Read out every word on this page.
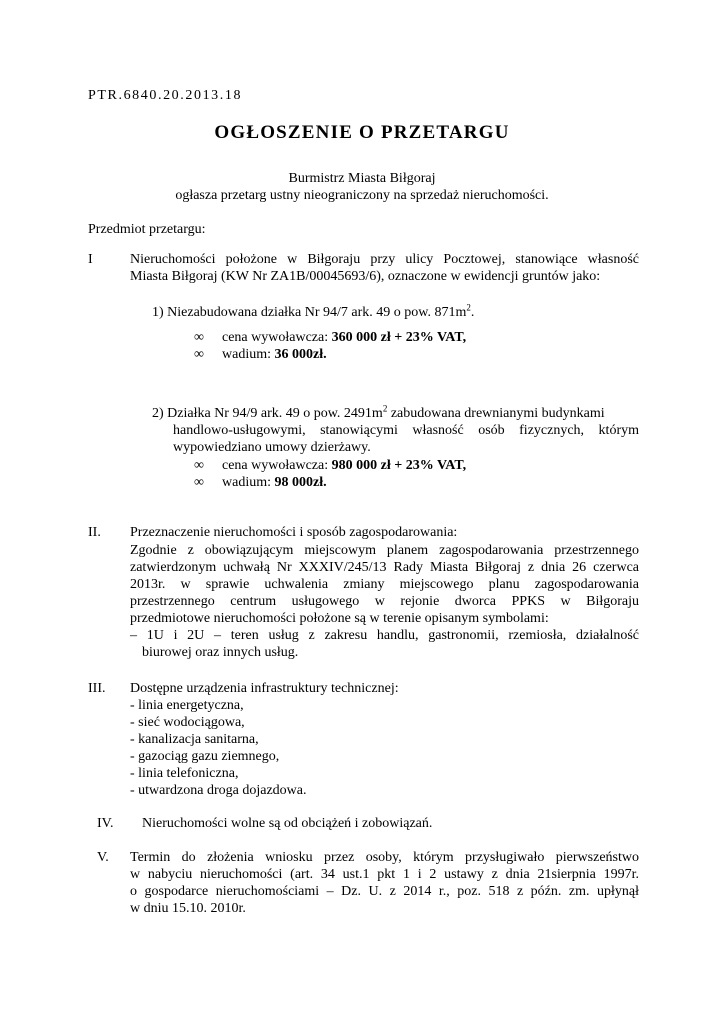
PTR.6840.20.2013.18
OGŁOSZENIE O PRZETARGU
Burmistrz Miasta Biłgoraj
ogłasza przetarg ustny nieograniczony na sprzedaż nieruchomości.
Przedmiot przetargu:
I	Nieruchomości położone w Biłgoraju przy ulicy Pocztowej, stanowiące własność
Miasta Biłgoraj (KW Nr ZA1B/00045693/6), oznaczone w ewidencji gruntów jako:
1) Niezabudowana działka Nr 94/7 ark. 49 o pow. $871m^2$.
∞ cena wywoławcza: 360 000 zł + 23% VAT,
∞ wadium: 36 000zł.
2) Działka Nr 94/9 ark. 49 o pow. $2491m^2$ zabudowana drewnianymi budynkami
handlowo-usługowymi, stanowiącymi własność osób fizycznych, którym
wypowiedziano umowy dzierżawy.
∞ cena wywoławcza: 980 000 zł + 23% VAT,
∞ wadium: 98 000zł.
II. Przeznaczenie nieruchomości i sposób zagospodarowania:
Zgodnie z obowiązującym miejscowym planem zagospodarowania przestrzennego
zatwierdzonym uchwałą Nr XXXIV/245/13 Rady Miasta Biłgoraj z dnia 26 czerwca
2013r. w sprawie uchwalenia zmiany miejscowego planu zagospodarowania
przestrzennego centrum usługowego w rejonie dworca PPKS w Biłgoraju
przedmiotowe nieruchomości położone są w terenie opisanym symbolami:
– 1U i 2U – teren usług z zakresu handlu, gastronomii, rzemiosła, działalność
biurowej oraz innych usług.
III. Dostępne urządzenia infrastruktury technicznej:
- linia energetyczna,
- sieć wodociągowa,
- kanalizacja sanitarna,
- gazociąg gazu ziemnego,
- linia telefoniczna,
- utwardzona droga dojazdowa.
IV. Nieruchomości wolne są od obciążeń i zobowiązań.
V. Termin do złożenia wniosku przez osoby, którym przysługiwało pierwszeństwo
w nabyciu nieruchomości (art. 34 ust.1 pkt 1 i 2 ustawy z dnia 21sierpnia 1997r.
o gospodarce nieruchomościami – Dz. U. z 2014 r., poz. 518 z późn. zm. upłynął
w dniu 15.10. 2010r.
